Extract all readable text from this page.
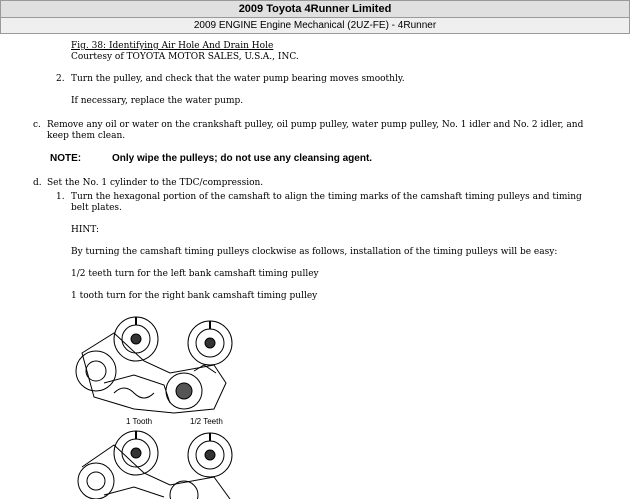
2009 Toyota 4Runner Limited
2009 ENGINE Engine Mechanical (2UZ-FE) - 4Runner
Fig. 38: Identifying Air Hole And Drain Hole
Courtesy of TOYOTA MOTOR SALES, U.S.A., INC.
2. Turn the pulley, and check that the water pump bearing moves smoothly.
If necessary, replace the water pump.
c. Remove any oil or water on the crankshaft pulley, oil pump pulley, water pump pulley, No. 1 idler and No. 2 idler, and
keep them clean.
NOTE:	Only wipe the pulleys; do not use any cleansing agent.
d. Set the No. 1 cylinder to the TDC/compression.
1. Turn the hexagonal portion of the camshaft to align the timing marks of the camshaft timing pulleys and timing
belt plates.
HINT:
By turning the camshaft timing pulleys clockwise as follows, installation of the timing pulleys will be easy:
1/2 teeth turn for the left bank camshaft timing pulley
1 tooth turn for the right bank camshaft timing pulley
1 Tooth	1/2 Teeth
